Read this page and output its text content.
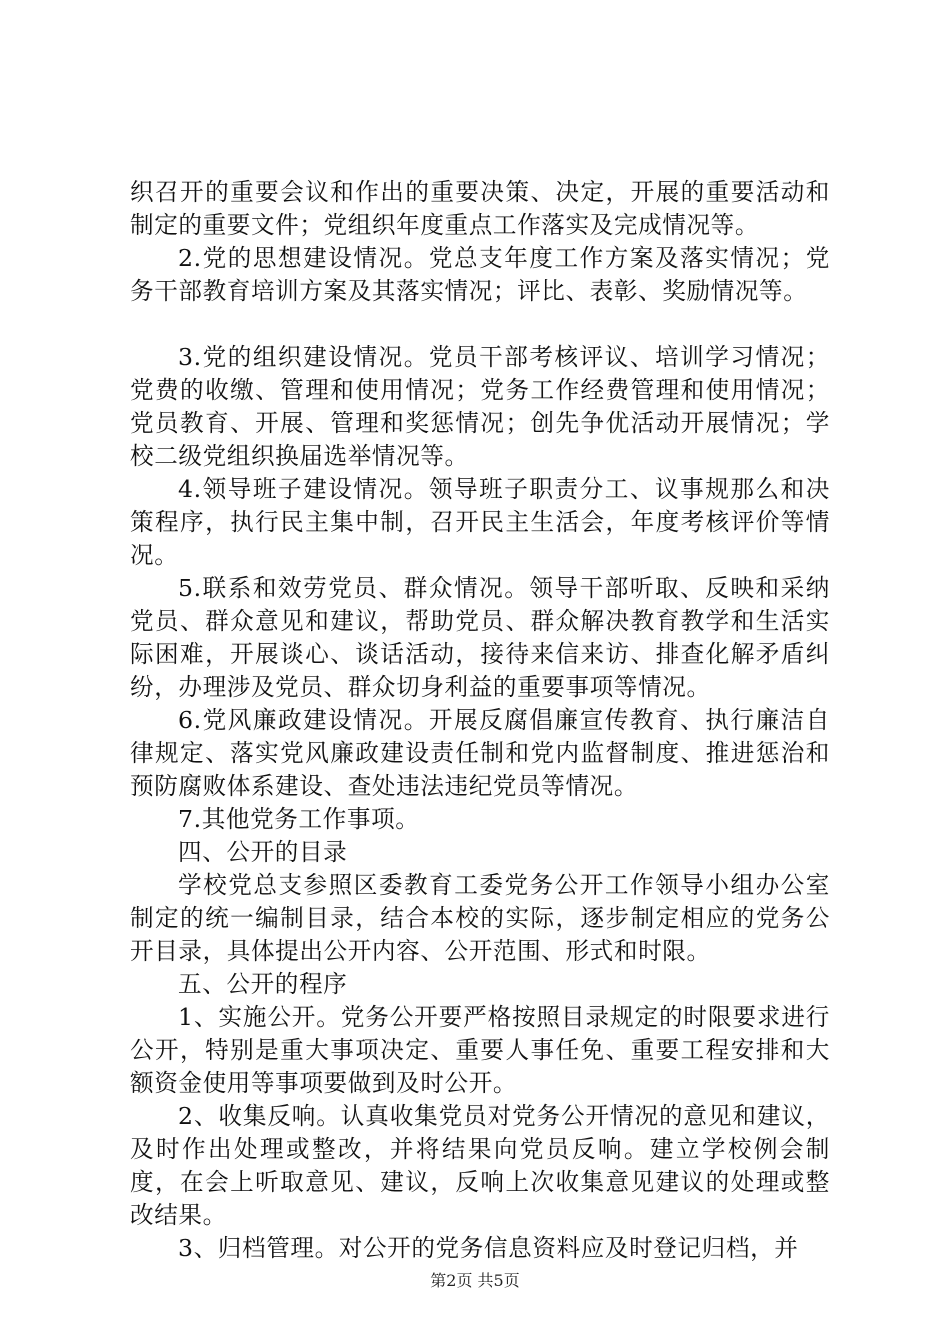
织召开的重要会议和作出的重要决策、决定，开展的重要活动和制定的重要文件；党组织年度重点工作落实及完成情况等。

2.党的思想建设情况。党总支年度工作方案及落实情况；党务干部教育培训方案及其落实情况；评比、表彰、奖励情况等。

3.党的组织建设情况。党员干部考核评议、培训学习情况；党费的收缴、管理和使用情况；党务工作经费管理和使用情况；党员教育、开展、管理和奖惩情况；创先争优活动开展情况；学校二级党组织换届选举情况等。

4.领导班子建设情况。领导班子职责分工、议事规那么和决策程序，执行民主集中制，召开民主生活会，年度考核评价等情况。

5.联系和效劳党员、群众情况。领导干部听取、反映和采纳党员、群众意见和建议，帮助党员、群众解决教育教学和生活实际困难，开展谈心、谈话活动，接待来信来访、排查化解矛盾纠纷，办理涉及党员、群众切身利益的重要事项等情况。

6.党风廉政建设情况。开展反腐倡廉宣传教育、执行廉洁自律规定、落实党风廉政建设责任制和党内监督制度、推进惩治和预防腐败体系建设、查处违法违纪党员等情况。

7.其他党务工作事项。

四、公开的目录

学校党总支参照区委教育工委党务公开工作领导小组办公室制定的统一编制目录，结合本校的实际，逐步制定相应的党务公开目录，具体提出公开内容、公开范围、形式和时限。

五、公开的程序

1、实施公开。党务公开要严格按照目录规定的时限要求进行公开，特别是重大事项决定、重要人事任免、重要工程安排和大额资金使用等事项要做到及时公开。

2、收集反响。认真收集党员对党务公开情况的意见和建议，及时作出处理或整改，并将结果向党员反响。建立学校例会制度，在会上听取意见、建议，反响上次收集意见建议的处理或整改结果。

3、归档管理。对公开的党务信息资料应及时登记归档，并

第2页 共5页
